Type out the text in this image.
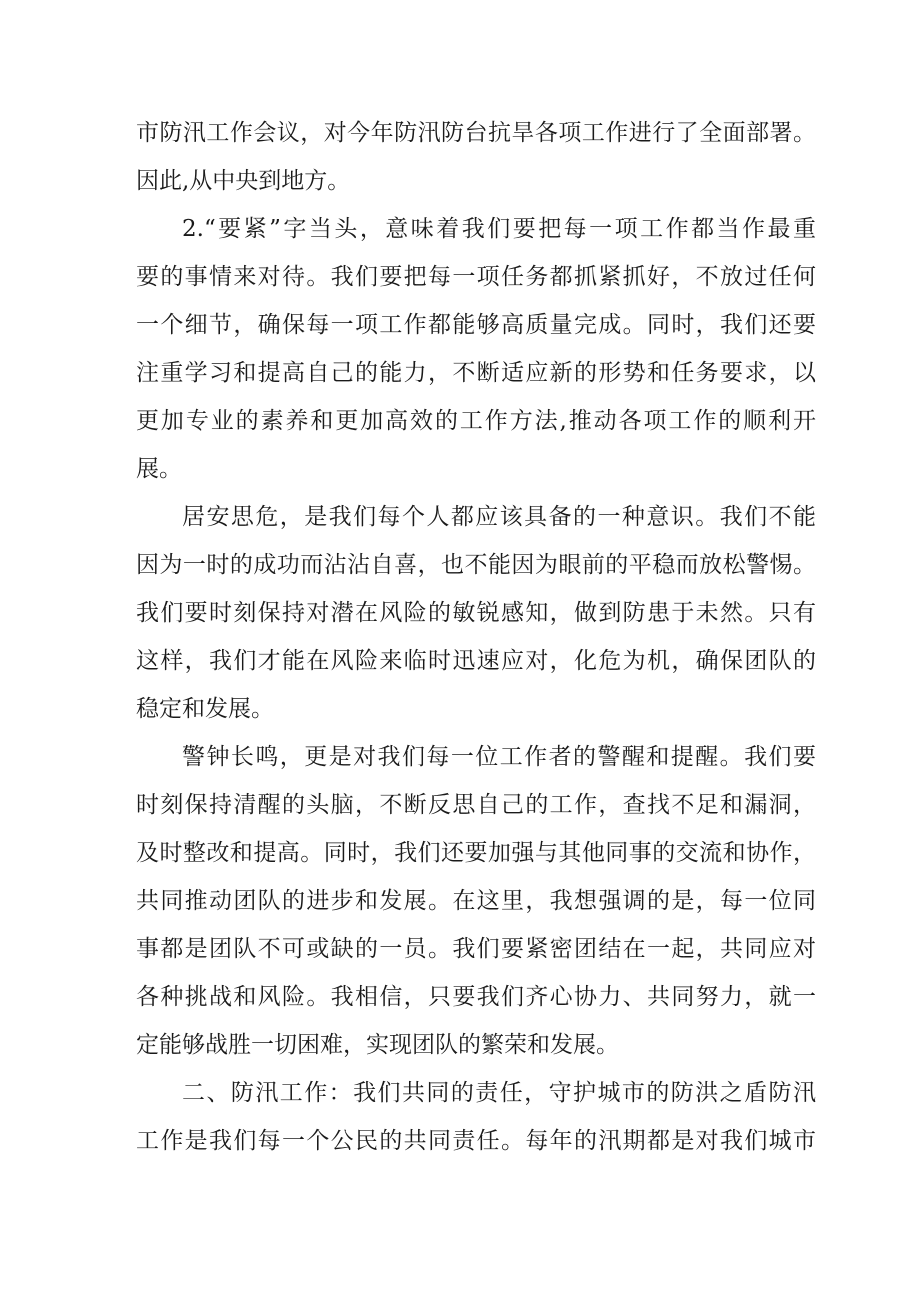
市防汛工作会议，对今年防汛防台抗旱各项工作进行了全面部署。
因此,从中央到地方。
2.“要紧”字当头，意味着我们要把每一项工作都当作最重
要的事情来对待。我们要把每一项任务都抓紧抓好，不放过任何
一个细节，确保每一项工作都能够高质量完成。同时，我们还要
注重学习和提高自己的能力，不断适应新的形势和任务要求，以
更加专业的素养和更加高效的工作方法,推动各项工作的顺利开
展。
居安思危，是我们每个人都应该具备的一种意识。我们不能
因为一时的成功而沾沾自喜，也不能因为眼前的平稳而放松警惕。
我们要时刻保持对潜在风险的敏锐感知，做到防患于未然。只有
这样，我们才能在风险来临时迅速应对，化危为机，确保团队的
稳定和发展。
警钟长鸣，更是对我们每一位工作者的警醒和提醒。我们要
时刻保持清醒的头脑，不断反思自己的工作，查找不足和漏洞，
及时整改和提高。同时，我们还要加强与其他同事的交流和协作，
共同推动团队的进步和发展。在这里，我想强调的是，每一位同
事都是团队不可或缺的一员。我们要紧密团结在一起，共同应对
各种挑战和风险。我相信，只要我们齐心协力、共同努力，就一
定能够战胜一切困难，实现团队的繁荣和发展。
二、防汛工作：我们共同的责任，守护城市的防洪之盾防汛
工作是我们每一个公民的共同责任。每年的汛期都是对我们城市
